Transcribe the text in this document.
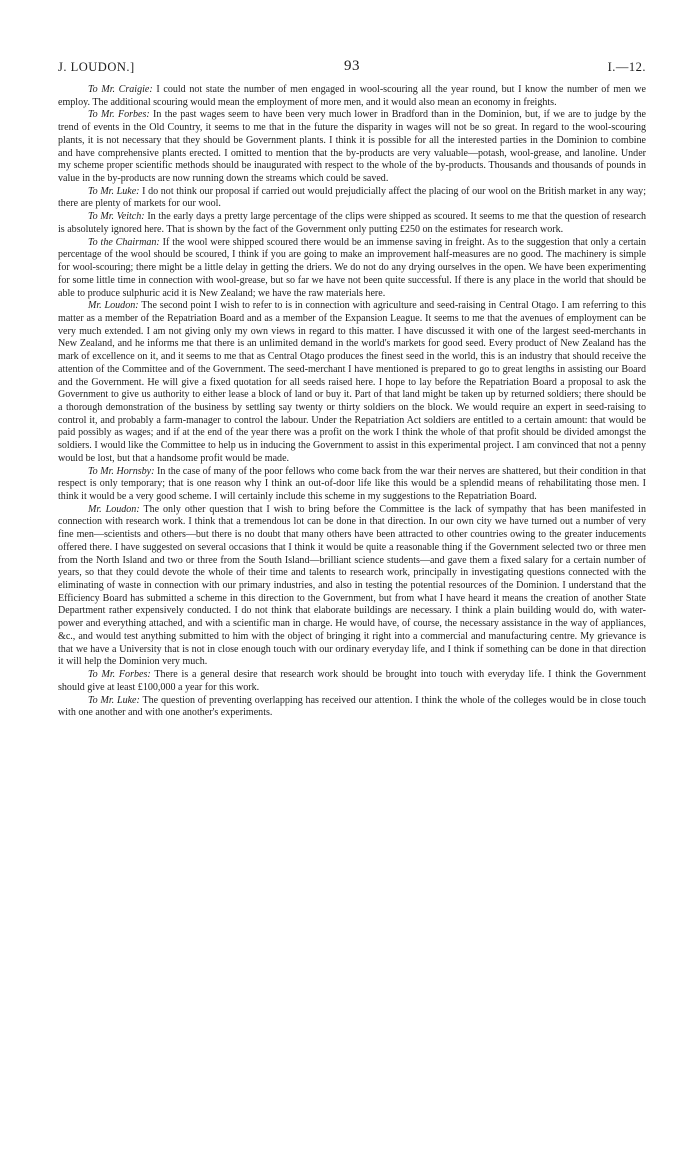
J. LOUDON.]	93	I.—12.

To Mr. Craigie: I could not state the number of men engaged in wool-scouring all the year round, but I know the number of men we employ. The additional scouring would mean the employment of more men, and it would also mean an economy in freights.

To Mr. Forbes: In the past wages seem to have been very much lower in Bradford than in the Dominion, but, if we are to judge by the trend of events in the Old Country, it seems to me that in the future the disparity in wages will not be so great. In regard to the wool-scouring plants, it is not necessary that they should be Government plants. I think it is possible for all the interested parties in the Dominion to combine and have comprehensive plants erected. I omitted to mention that the by-products are very valuable—potash, wool-grease, and lanoline. Under my scheme proper scientific methods should be inaugurated with respect to the whole of the by-products. Thousands and thousands of pounds in value in the by-products are now running down the streams which could be saved.

To Mr. Luke: I do not think our proposal if carried out would prejudicially affect the placing of our wool on the British market in any way; there are plenty of markets for our wool.

To Mr. Veitch: In the early days a pretty large percentage of the clips were shipped as scoured. It seems to me that the question of research is absolutely ignored here. That is shown by the fact of the Government only putting £250 on the estimates for research work.

To the Chairman: If the wool were shipped scoured there would be an immense saving in freight. As to the suggestion that only a certain percentage of the wool should be scoured, I think if you are going to make an improvement half-measures are no good. The machinery is simple for wool-scouring; there might be a little delay in getting the driers. We do not do any drying ourselves in the open. We have been experimenting for some little time in connection with wool-grease, but so far we have not been quite successful. If there is any place in the world that should be able to produce sulphuric acid it is New Zealand; we have the raw materials here.

Mr. Loudon: The second point I wish to refer to is in connection with agriculture and seed-raising in Central Otago. I am referring to this matter as a member of the Repatriation Board and as a member of the Expansion League. It seems to me that the avenues of employment can be very much extended. I am not giving only my own views in regard to this matter. I have discussed it with one of the largest seed-merchants in New Zealand, and he informs me that there is an unlimited demand in the world's markets for good seed. Every product of New Zealand has the mark of excellence on it, and it seems to me that as Central Otago produces the finest seed in the world, this is an industry that should receive the attention of the Committee and of the Government. The seed-merchant I have mentioned is prepared to go to great lengths in assisting our Board and the Government. He will give a fixed quotation for all seeds raised here. I hope to lay before the Repatriation Board a proposal to ask the Government to give us authority to either lease a block of land or buy it. Part of that land might be taken up by returned soldiers; there should be a thorough demonstration of the business by settling say twenty or thirty soldiers on the block. We would require an expert in seed-raising to control it, and probably a farm-manager to control the labour. Under the Repatriation Act soldiers are entitled to a certain amount: that would be paid possibly as wages; and if at the end of the year there was a profit on the work I think the whole of that profit should be divided amongst the soldiers. I would like the Committee to help us in inducing the Government to assist in this experimental project. I am convinced that not a penny would be lost, but that a handsome profit would be made.

To Mr. Hornsby: In the case of many of the poor fellows who come back from the war their nerves are shattered, but their condition in that respect is only temporary; that is one reason why I think an out-of-door life like this would be a splendid means of rehabilitating those men. I think it would be a very good scheme. I will certainly include this scheme in my suggestions to the Repatriation Board.

Mr. Loudon: The only other question that I wish to bring before the Committee is the lack of sympathy that has been manifested in connection with research work. I think that a tremendous lot can be done in that direction. In our own city we have turned out a number of very fine men—scientists and others—but there is no doubt that many others have been attracted to other countries owing to the greater inducements offered there. I have suggested on several occasions that I think it would be quite a reasonable thing if the Government selected two or three men from the North Island and two or three from the South Island—brilliant science students—and gave them a fixed salary for a certain number of years, so that they could devote the whole of their time and talents to research work, principally in investigating questions connected with the eliminating of waste in connection with our primary industries, and also in testing the potential resources of the Dominion. I understand that the Efficiency Board has submitted a scheme in this direction to the Government, but from what I have heard it means the creation of another State Department rather expensively conducted. I do not think that elaborate buildings are necessary. I think a plain building would do, with water-power and everything attached, and with a scientific man in charge. He would have, of course, the necessary assistance in the way of appliances, &c., and would test anything submitted to him with the object of bringing it right into a commercial and manufacturing centre. My grievance is that we have a University that is not in close enough touch with our ordinary everyday life, and I think if something can be done in that direction it will help the Dominion very much.

To Mr. Forbes: There is a general desire that research work should be brought into touch with everyday life. I think the Government should give at least £100,000 a year for this work.

To Mr. Luke: The question of preventing overlapping has received our attention. I think the whole of the colleges would be in close touch with one another and with one another's experiments.
